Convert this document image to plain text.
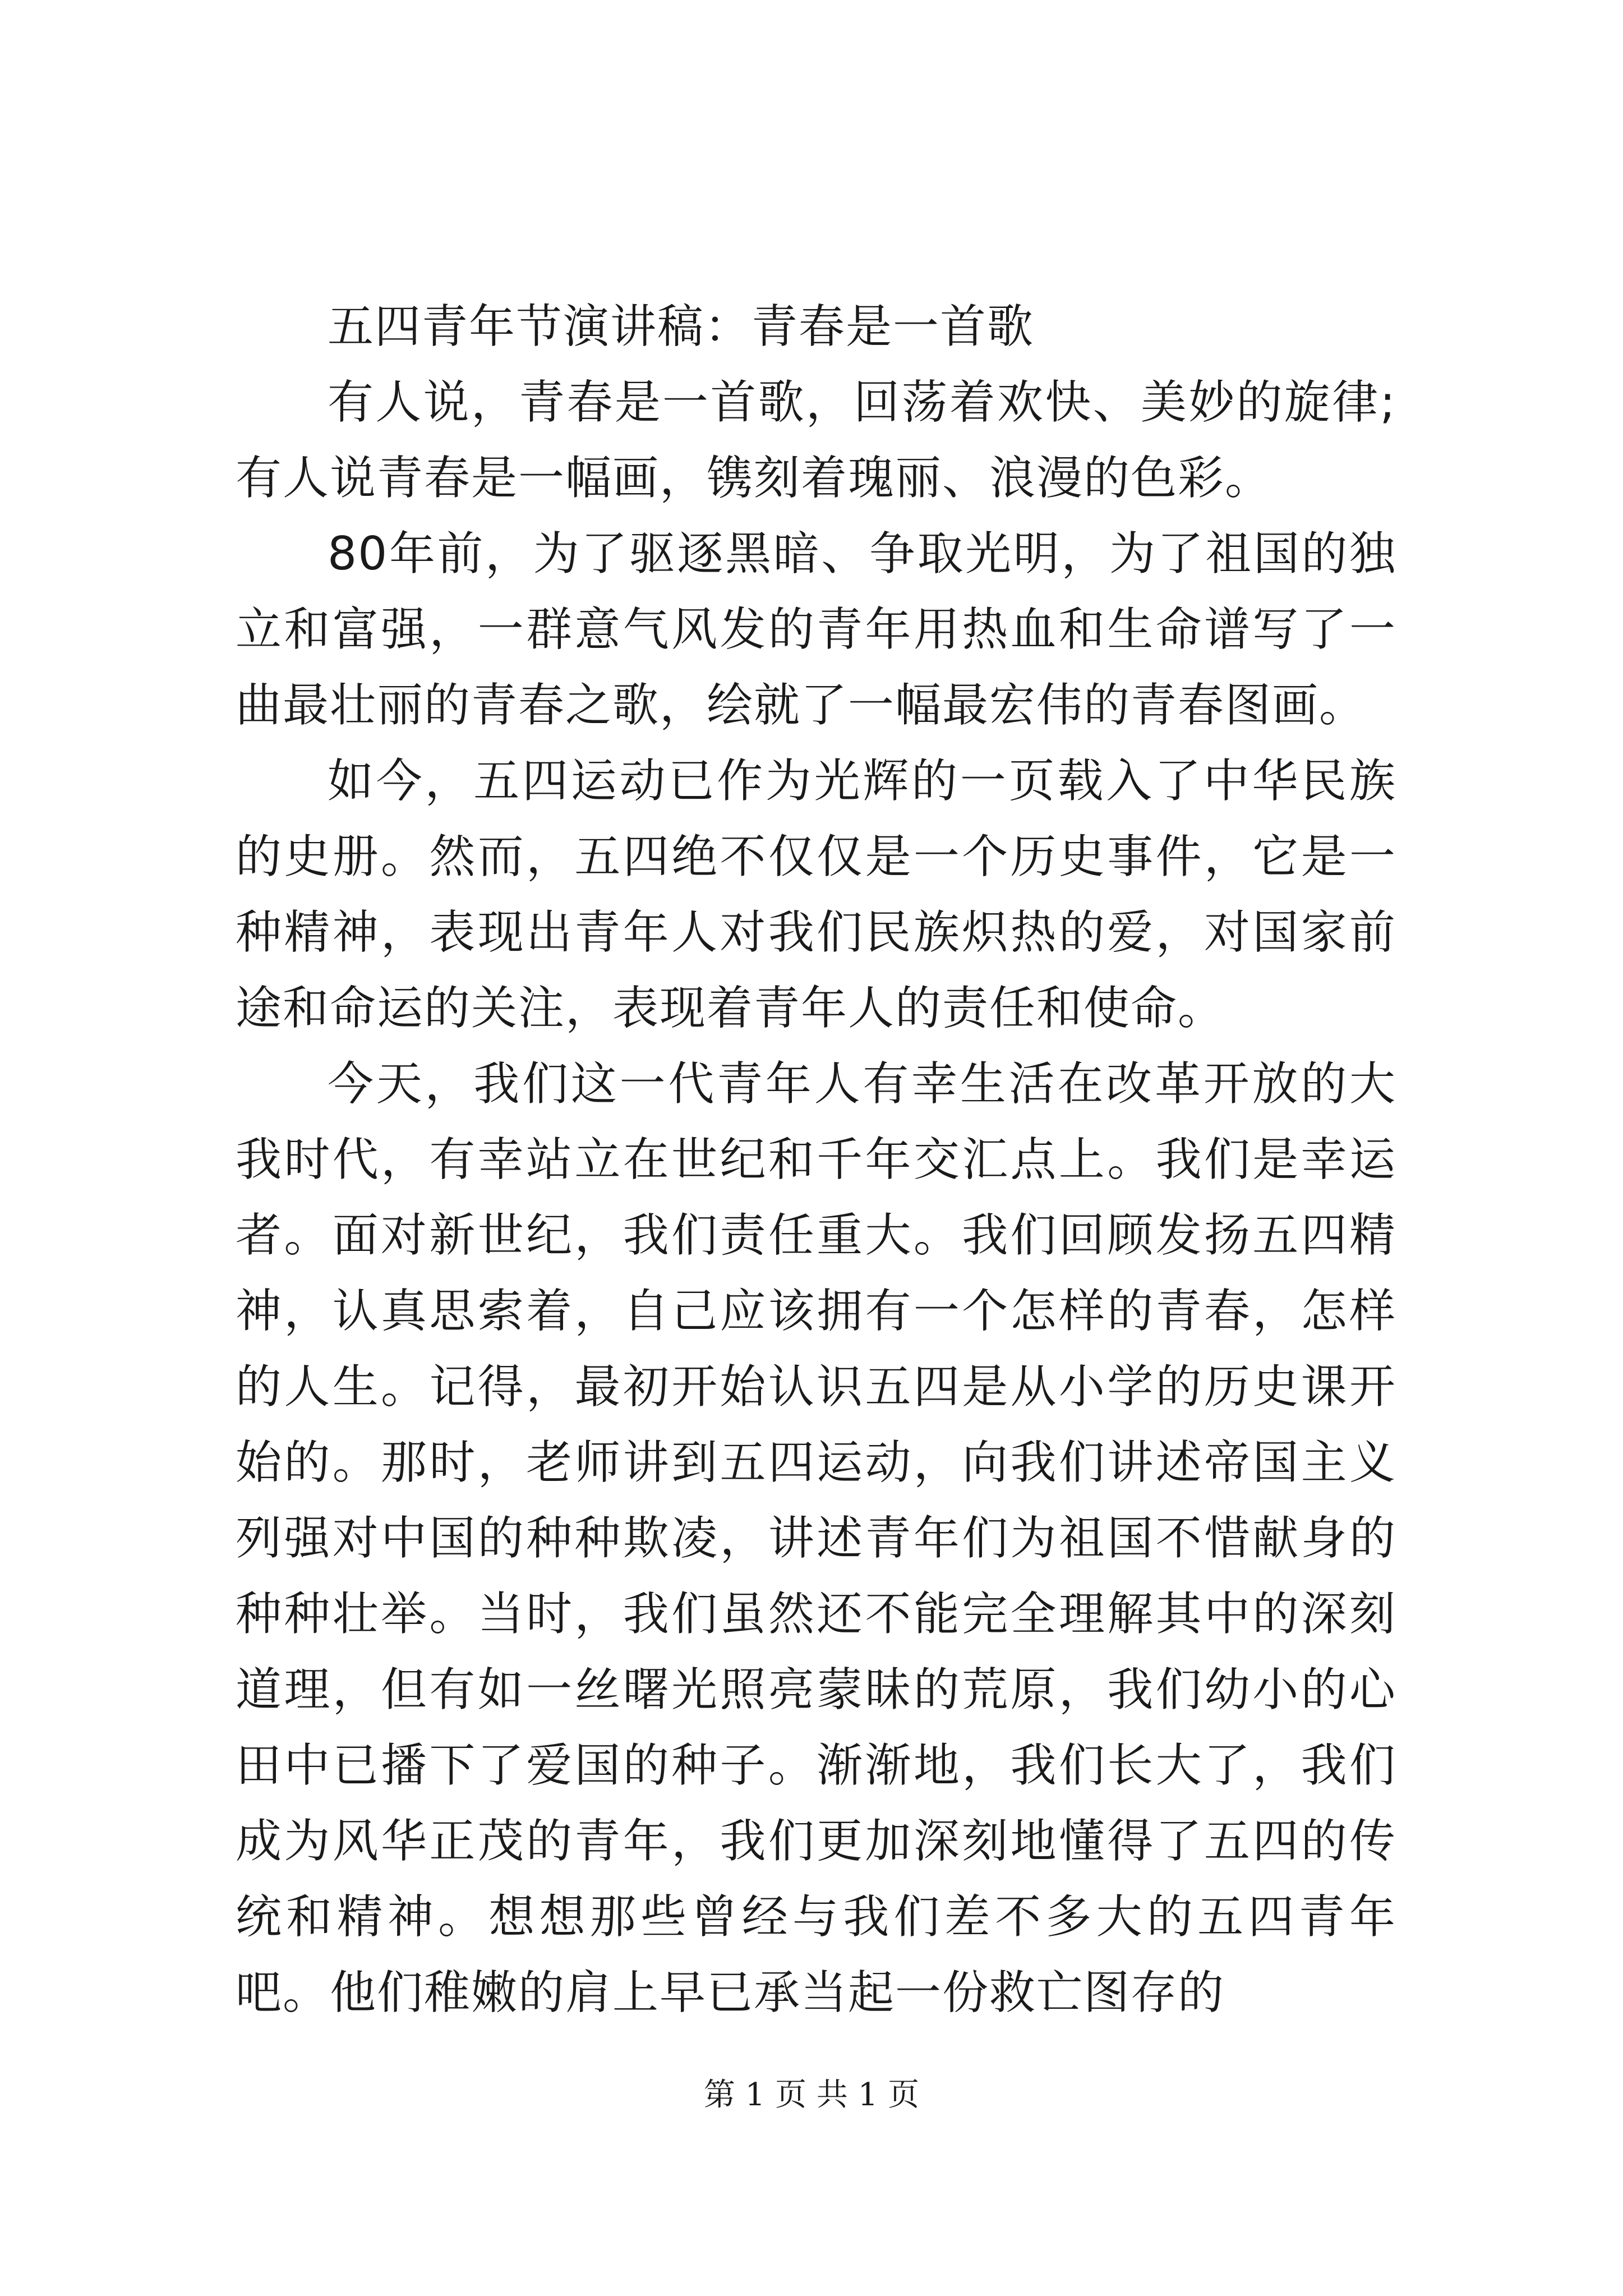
五四青年节演讲稿：青春是一首歌

有人说，青春是一首歌，回荡着欢快、美妙的旋律;有人说青春是一幅画，镌刻着瑰丽、浪漫的色彩。

80年前，为了驱逐黑暗、争取光明，为了祖国的独立和富强，一群意气风发的青年用热血和生命谱写了一曲最壮丽的青春之歌，绘就了一幅最宏伟的青春图画。

如今，五四运动已作为光辉的一页载入了中华民族的史册。然而，五四绝不仅仅是一个历史事件，它是一种精神，表现出青年人对我们民族炽热的爱，对国家前途和命运的关注，表现着青年人的责任和使命。

今天，我们这一代青年人有幸生活在改革开放的大我时代，有幸站立在世纪和千年交汇点上。我们是幸运者。面对新世纪，我们责任重大。我们回顾发扬五四精神，认真思索着，自己应该拥有一个怎样的青春，怎样的人生。记得，最初开始认识五四是从小学的历史课开始的。那时，老师讲到五四运动，向我们讲述帝国主义列强对中国的种种欺凌，讲述青年们为祖国不惜献身的种种壮举。当时，我们虽然还不能完全理解其中的深刻道理，但有如一丝曙光照亮蒙昧的荒原，我们幼小的心田中已播下了爱国的种子。渐渐地，我们长大了，我们成为风华正茂的青年，我们更加深刻地懂得了五四的传统和精神。想想那些曾经与我们差不多大的五四青年吧。他们稚嫩的肩上早已承当起一份救亡图存的

第 1 页 共 1 页
